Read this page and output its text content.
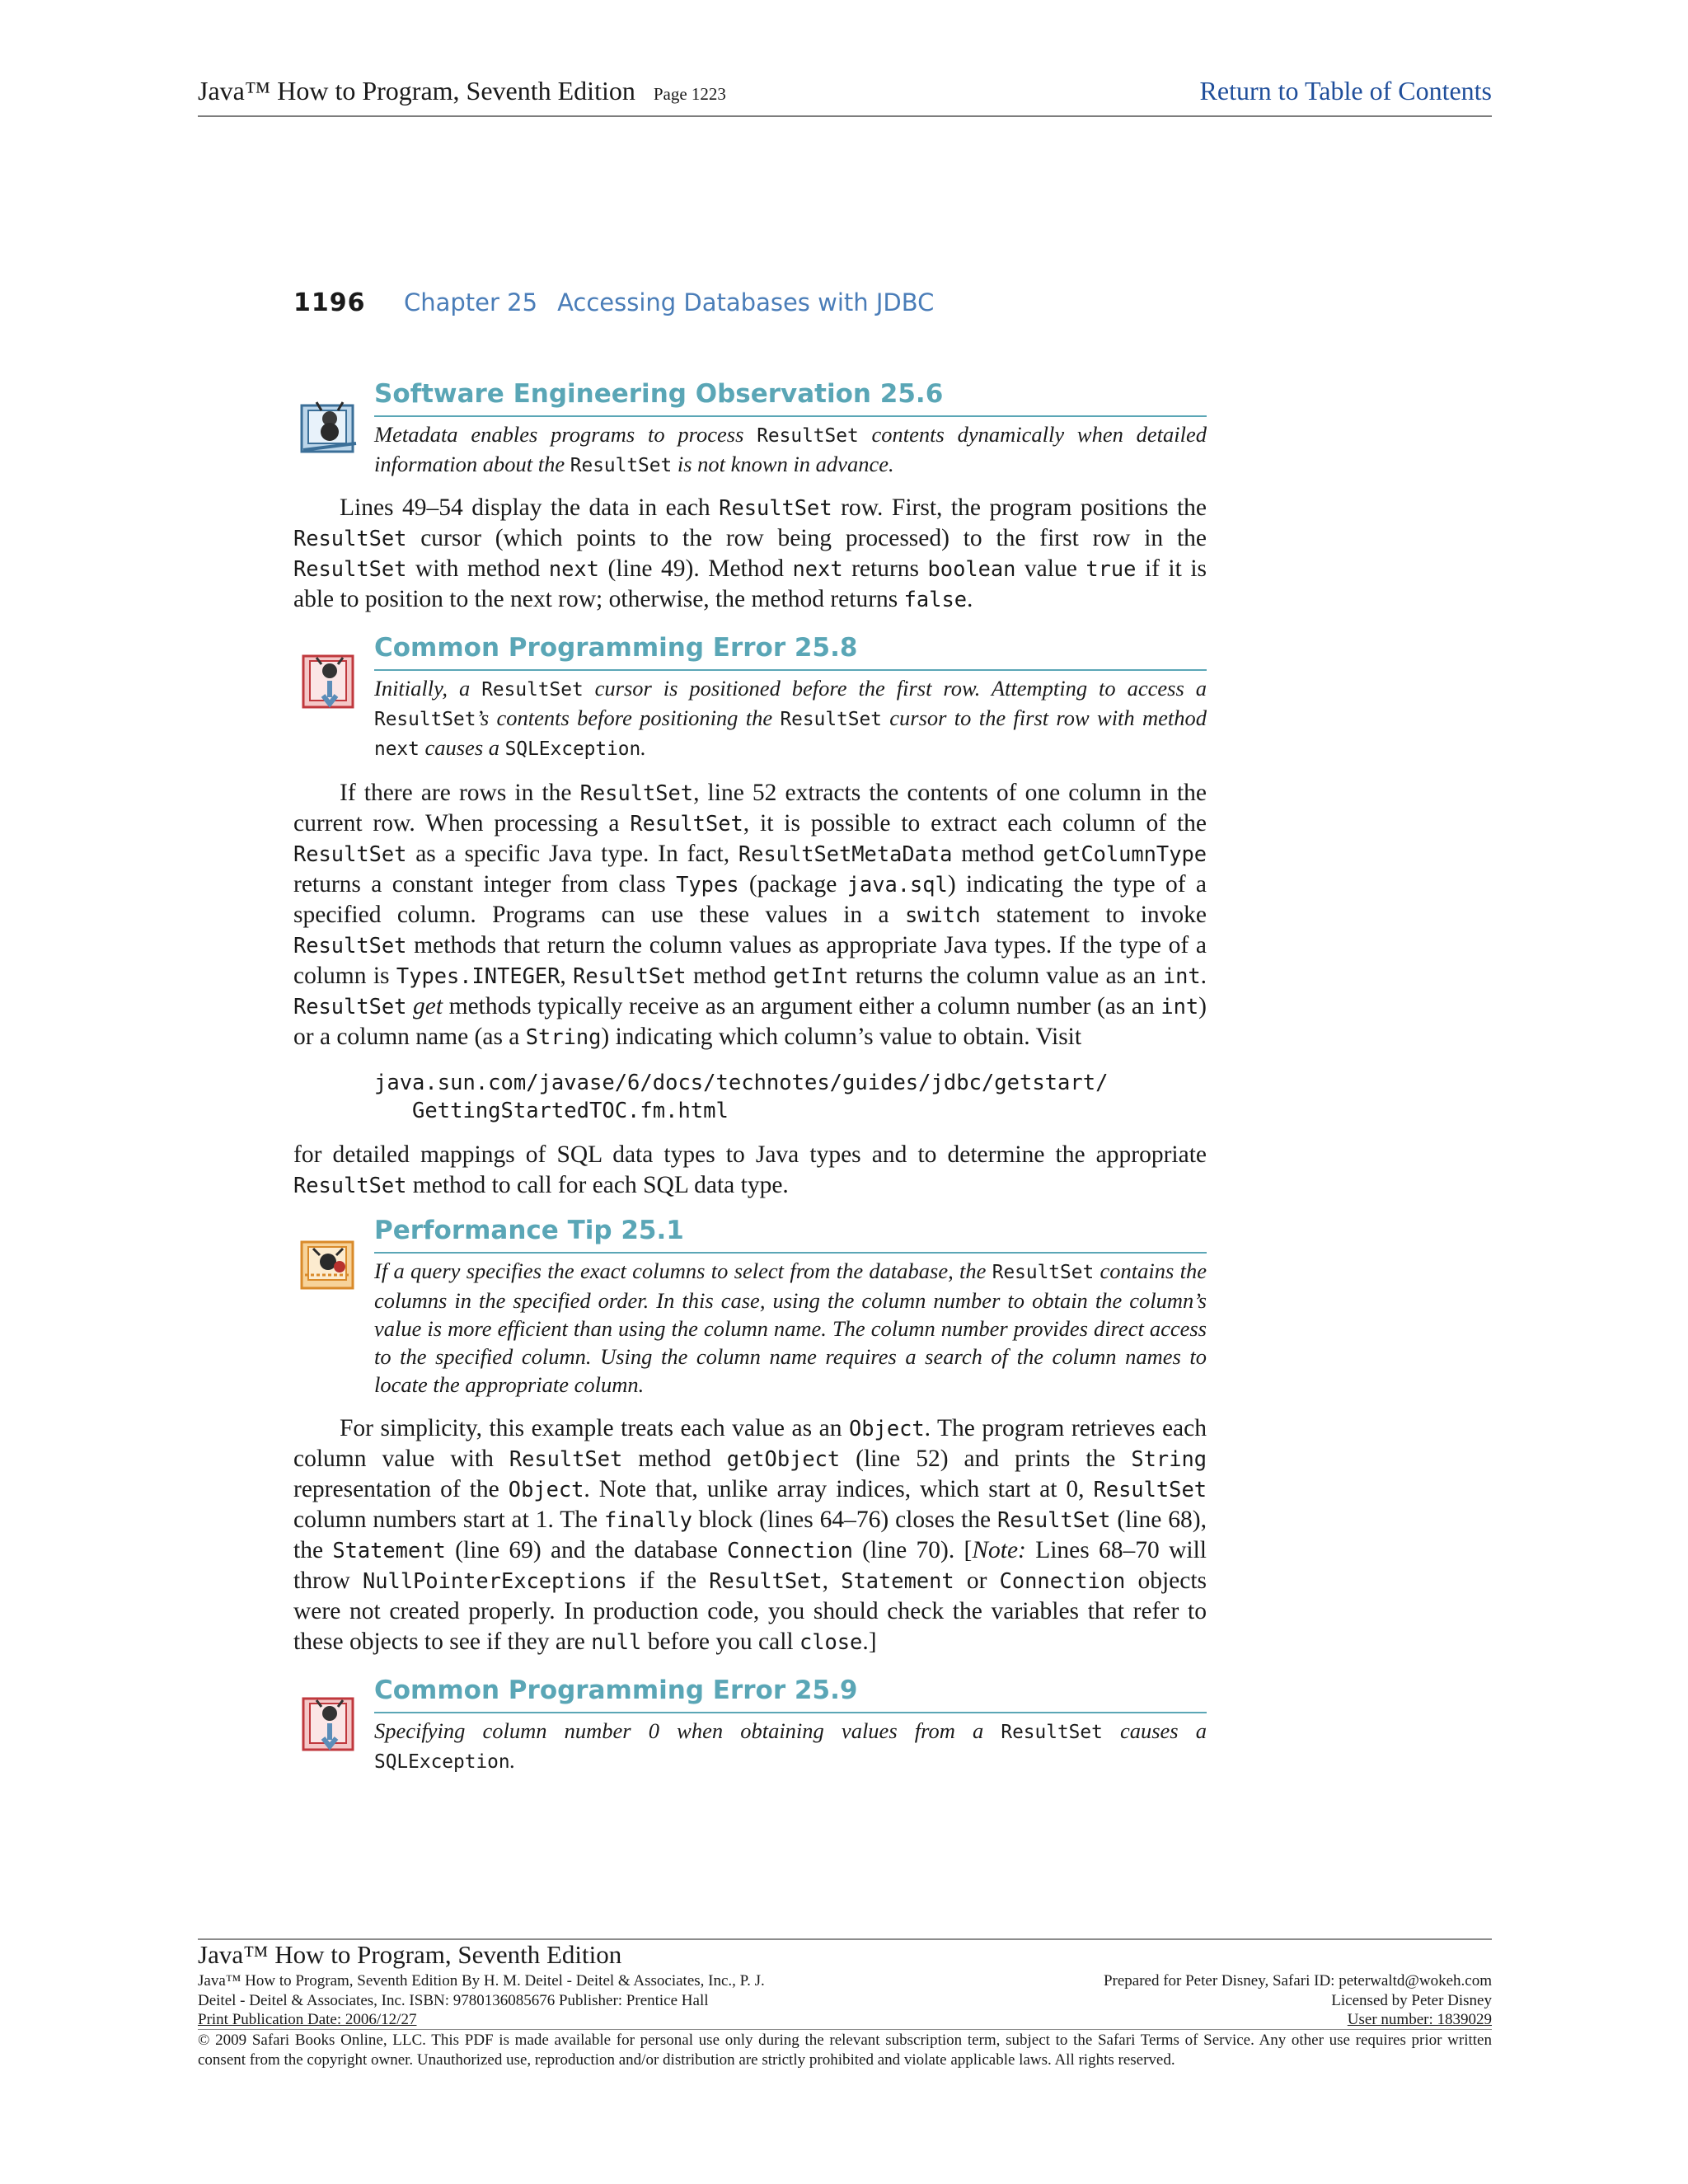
Java™ How to Program, Seventh Edition Page 1223	Return to Table of Contents
1196 Chapter 25 Accessing Databases with JDBC
Software Engineering Observation 25.6
Metadata enables programs to process ResultSet contents dynamically when detailed information about the ResultSet is not known in advance.

Lines 49–54 display the data in each ResultSet row. First, the program positions the ResultSet cursor (which points to the row being processed) to the first row in the ResultSet with method next (line 49). Method next returns boolean value true if it is able to position to the next row; otherwise, the method returns false.

Common Programming Error 25.8
Initially, a ResultSet cursor is positioned before the first row. Attempting to access a ResultSet’s contents before positioning the ResultSet cursor to the first row with method next causes a SQLException.

If there are rows in the ResultSet, line 52 extracts the contents of one column in the current row. When processing a ResultSet, it is possible to extract each column of the ResultSet as a specific Java type. In fact, ResultSetMetaData method getColumnType returns a constant integer from class Types (package java.sql) indicating the type of a specified column. Programs can use these values in a switch statement to invoke ResultSet methods that return the column values as appropriate Java types. If the type of a column is Types.INTEGER, ResultSet method getInt returns the column value as an int. ResultSet get methods typically receive as an argument either a column number (as an int) or a column name (as a String) indicating which column’s value to obtain. Visit

java.sun.com/javase/6/docs/technotes/guides/jdbc/getstart/
GettingStartedTOC.fm.html

for detailed mappings of SQL data types to Java types and to determine the appropriate ResultSet method to call for each SQL data type.

Performance Tip 25.1
If a query specifies the exact columns to select from the database, the ResultSet contains the columns in the specified order. In this case, using the column number to obtain the column’s value is more efficient than using the column name. The column number provides direct access to the specified column. Using the column name requires a search of the column names to locate the appropriate column.

For simplicity, this example treats each value as an Object. The program retrieves each column value with ResultSet method getObject (line 52) and prints the String representation of the Object. Note that, unlike array indices, which start at 0, ResultSet column numbers start at 1. The finally block (lines 64–76) closes the ResultSet (line 68), the Statement (line 69) and the database Connection (line 70). [Note: Lines 68–70 will throw NullPointerExceptions if the ResultSet, Statement or Connection objects were not created properly. In production code, you should check the variables that refer to these objects to see if they are null before you call close.]

Common Programming Error 25.9
Specifying column number 0 when obtaining values from a ResultSet causes a SQLException.
Java™ How to Program, Seventh Edition
Java™ How to Program, Seventh Edition By H. M. Deitel - Deitel & Associates, Inc., P. J.
Deitel - Deitel & Associates, Inc. ISBN: 9780136085676 Publisher: Prentice Hall
Print Publication Date: 2006/12/27
Prepared for Peter Disney, Safari ID: peterwaltd@wokeh.com
Licensed by Peter Disney
User number: 1839029
© 2009 Safari Books Online, LLC. This PDF is made available for personal use only during the relevant subscription term, subject to the Safari Terms of Service. Any other use requires prior written consent from the copyright owner. Unauthorized use, reproduction and/or distribution are strictly prohibited and violate applicable laws. All rights reserved.
